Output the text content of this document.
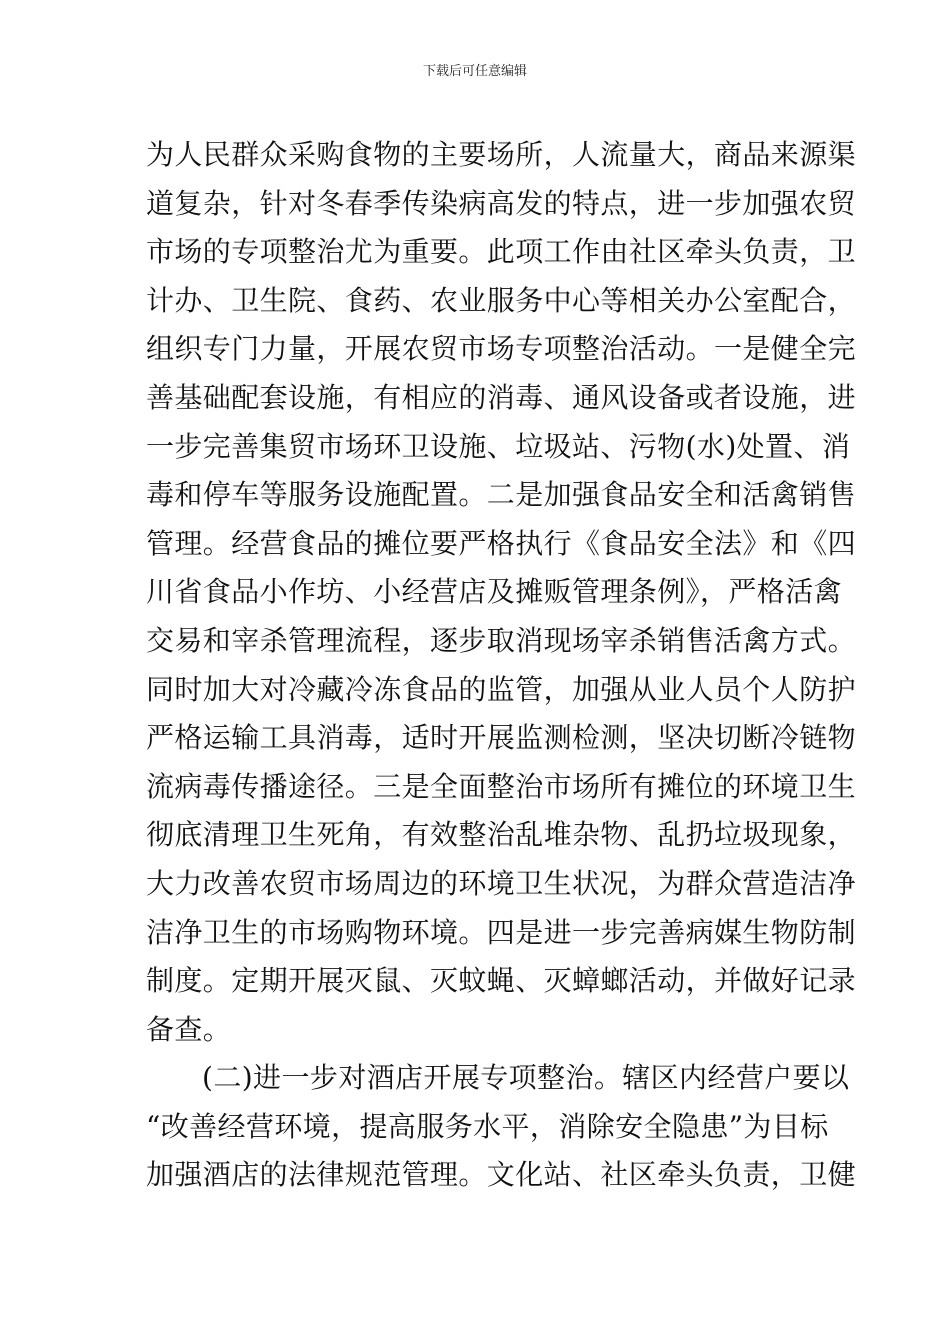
下载后可任意编辑
为人民群众采购食物的主要场所，人流量大，商品来源渠
道复杂，针对冬春季传染病高发的特点，进一步加强农贸
市场的专项整治尤为重要。此项工作由社区牵头负责，卫
计办、卫生院、食药、农业服务中心等相关办公室配合，
组织专门力量，开展农贸市场专项整治活动。一是健全完
善基础配套设施，有相应的消毒、通风设备或者设施，进
一步完善集贸市场环卫设施、垃圾站、污物(水)处置、消
毒和停车等服务设施配置。二是加强食品安全和活禽销售
管理。经营食品的摊位要严格执行《食品安全法》和《四
川省食品小作坊、小经营店及摊贩管理条例》，严格活禽
交易和宰杀管理流程，逐步取消现场宰杀销售活禽方式。
同时加大对冷藏冷冻食品的监管，加强从业人员个人防护
严格运输工具消毒，适时开展监测检测，坚决切断冷链物
流病毒传播途径。三是全面整治市场所有摊位的环境卫生
彻底清理卫生死角，有效整治乱堆杂物、乱扔垃圾现象，
大力改善农贸市场周边的环境卫生状况，为群众营造洁净
洁净卫生的市场购物环境。四是进一步完善病媒生物防制
制度。定期开展灭鼠、灭蚊蝇、灭蟑螂活动，并做好记录
备查。
(二)进一步对酒店开展专项整治。辖区内经营户要以
“改善经营环境，提高服务水平，消除安全隐患”为目标
加强酒店的法律规范管理。文化站、社区牵头负责，卫健
